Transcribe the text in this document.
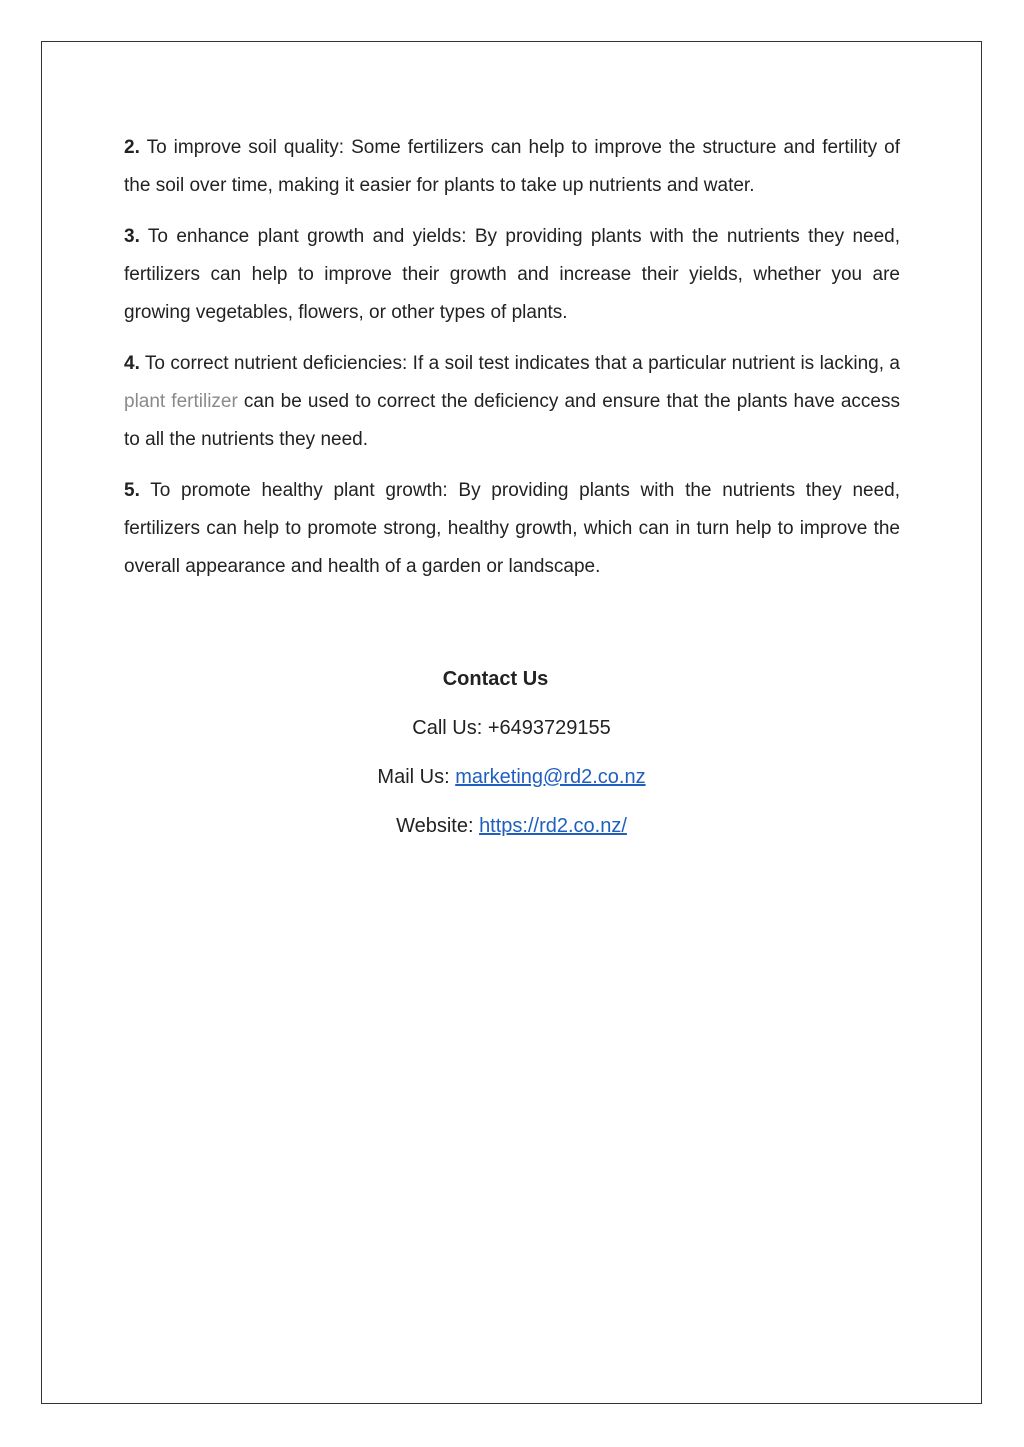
2. To improve soil quality: Some fertilizers can help to improve the structure and fertility of the soil over time, making it easier for plants to take up nutrients and water.

3. To enhance plant growth and yields: By providing plants with the nutrients they need, fertilizers can help to improve their growth and increase their yields, whether you are growing vegetables, flowers, or other types of plants.

4. To correct nutrient deficiencies: If a soil test indicates that a particular nutrient is lacking, a plant fertilizer can be used to correct the deficiency and ensure that the plants have access to all the nutrients they need.

5. To promote healthy plant growth: By providing plants with the nutrients they need, fertilizers can help to promote strong, healthy growth, which can in turn help to improve the overall appearance and health of a garden or landscape.

Contact Us
Call Us: +6493729155
Mail Us: marketing@rd2.co.nz
Website: https://rd2.co.nz/
